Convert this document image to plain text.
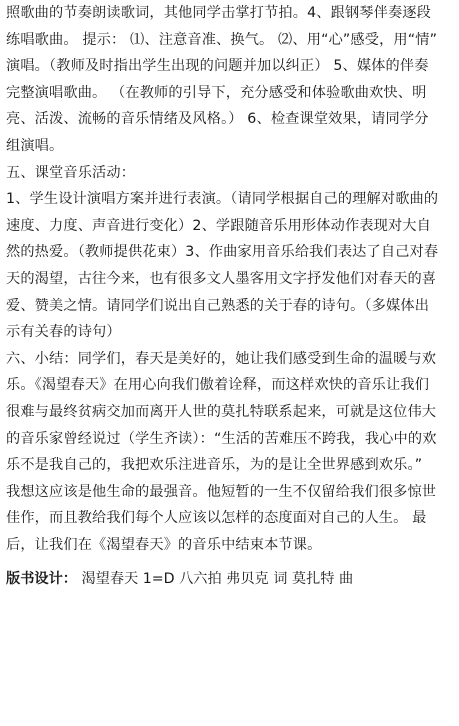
照歌曲的节奏朗读歌词，其他同学击掌打节拍。4、跟钢琴伴奏逐段
练唱歌曲。 提示： ⑴、注意音准、换气。 ⑵、用“心”感受，用“情”
演唱。（教师及时指出学生出现的问题并加以纠正） 5、媒体的伴奏
完整演唱歌曲。 （在教师的引导下，充分感受和体验歌曲欢快、明
亮、活泼、流畅的音乐情绪及风格。） 6、检查课堂效果，请同学分
组演唱。
五、课堂音乐活动：
1、学生设计演唱方案并进行表演。（请同学根据自己的理解对歌曲的
速度、力度、声音进行变化）2、学跟随音乐用形体动作表现对大自
然的热爱。（教师提供花束）3、作曲家用音乐给我们表达了自己对春
天的渴望，古往今来，也有很多文人墨客用文字抒发他们对春天的喜
爱、赞美之情。请同学们说出自己熟悉的关于春的诗句。（多媒体出
示有关春的诗句）
六、小结：同学们，春天是美好的，她让我们感受到生命的温暖与欢
乐。《渴望春天》在用心向我们傲着诠释，而这样欢快的音乐让我们
很难与最终贫病交加而离开人世的莫扎特联系起来，可就是这位伟大
的音乐家曾经说过（学生齐读）：“生活的苦难压不跨我，我心中的欢
乐不是我自己的，我把欢乐注进音乐，为的是让全世界感到欢乐。”
我想这应该是他生命的最强音。他短暂的一生不仅留给我们很多惊世
佳作，而且教给我们每个人应该以怎样的态度面对自己的人生。 最
后，让我们在《渴望春天》的音乐中结束本节课。
版书设计： 渴望春天 1=D 八六拍 弗贝克 词 莫扎特 曲
